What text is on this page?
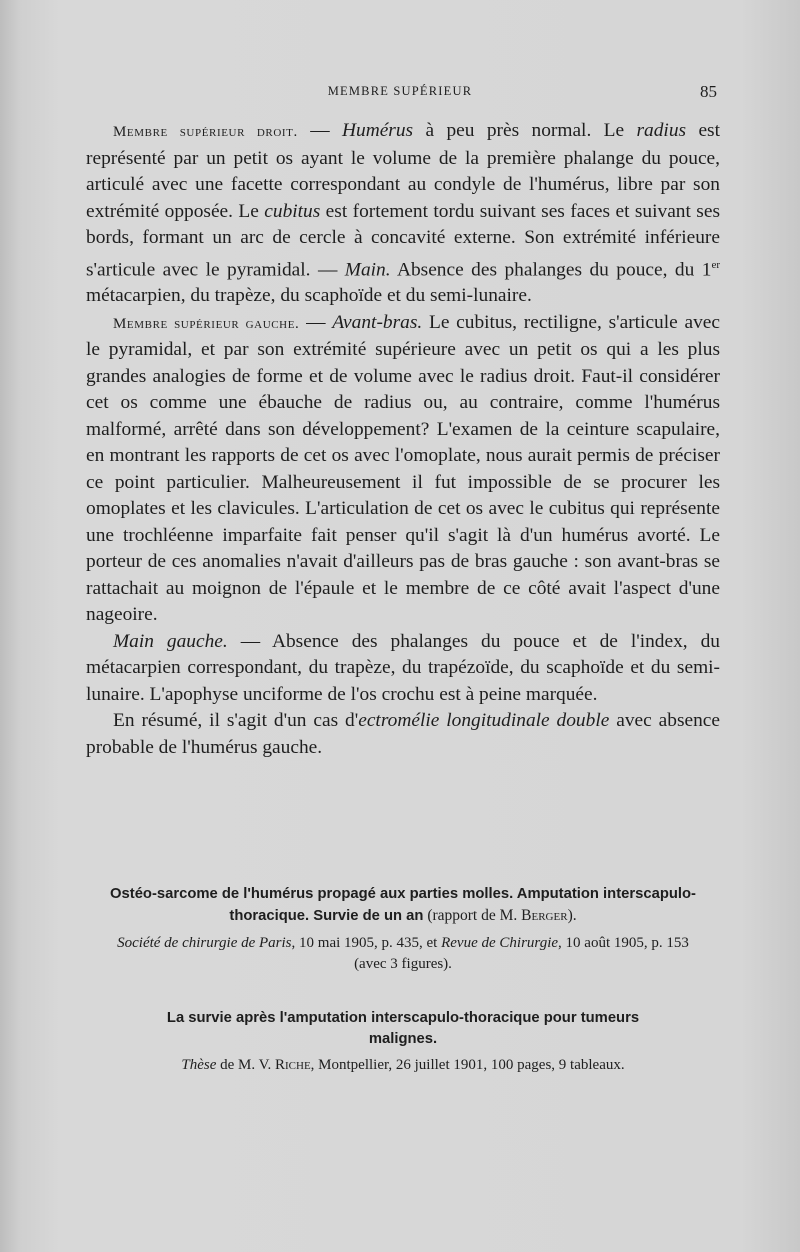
MEMBRE SUPÉRIEUR	85

Membre supérieur droit. — Humérus à peu près normal. Le radius est représenté par un petit os ayant le volume de la première phalange du pouce, articulé avec une facette correspondant au condyle de l'humérus, libre par son extrémité opposée. Le cubitus est fortement tordu suivant ses faces et suivant ses bords, formant un arc de cercle à concavité externe. Son extrémité inférieure s'articule avec le pyramidal. — Main. Absence des phalanges du pouce, du 1er métacarpien, du trapèze, du scaphoïde et du semi-lunaire.

Membre supérieur gauche. — Avant-bras. Le cubitus, rectiligne, s'articule avec le pyramidal, et par son extrémité supérieure avec un petit os qui a les plus grandes analogies de forme et de volume avec le radius droit. Faut-il considérer cet os comme une ébauche de radius ou, au contraire, comme l'humérus malformé, arrêté dans son développement? L'examen de la ceinture scapulaire, en montrant les rapports de cet os avec l'omoplate, nous aurait permis de préciser ce point particulier. Malheureusement il fut impossible de se procurer les omoplates et les clavicules. L'articulation de cet os avec le cubitus qui représente une trochléenne imparfaite fait penser qu'il s'agit là d'un humérus avorté. Le porteur de ces anomalies n'avait d'ailleurs pas de bras gauche : son avant-bras se rattachait au moignon de l'épaule et le membre de ce côté avait l'aspect d'une nageoire.

Main gauche. — Absence des phalanges du pouce et de l'index, du métacarpien correspondant, du trapèze, du trapézoïde, du scaphoïde et du semi-lunaire. L'apophyse unciforme de l'os crochu est à peine marquée.

En résumé, il s'agit d'un cas d'ectromélie longitudinale double avec absence probable de l'humérus gauche.

Ostéo-sarcome de l'humérus propagé aux parties molles. Amputation interscapulo-thoracique. Survie de un an (rapport de M. Berger).
Société de chirurgie de Paris, 10 mai 1905, p. 435, et Revue de Chirurgie, 10 août 1905, p. 153 (avec 3 figures).
La survie après l'amputation interscapulo-thoracique pour tumeurs malignes.
Thèse de M. V. Riche, Montpellier, 26 juillet 1901, 100 pages, 9 tableaux.
